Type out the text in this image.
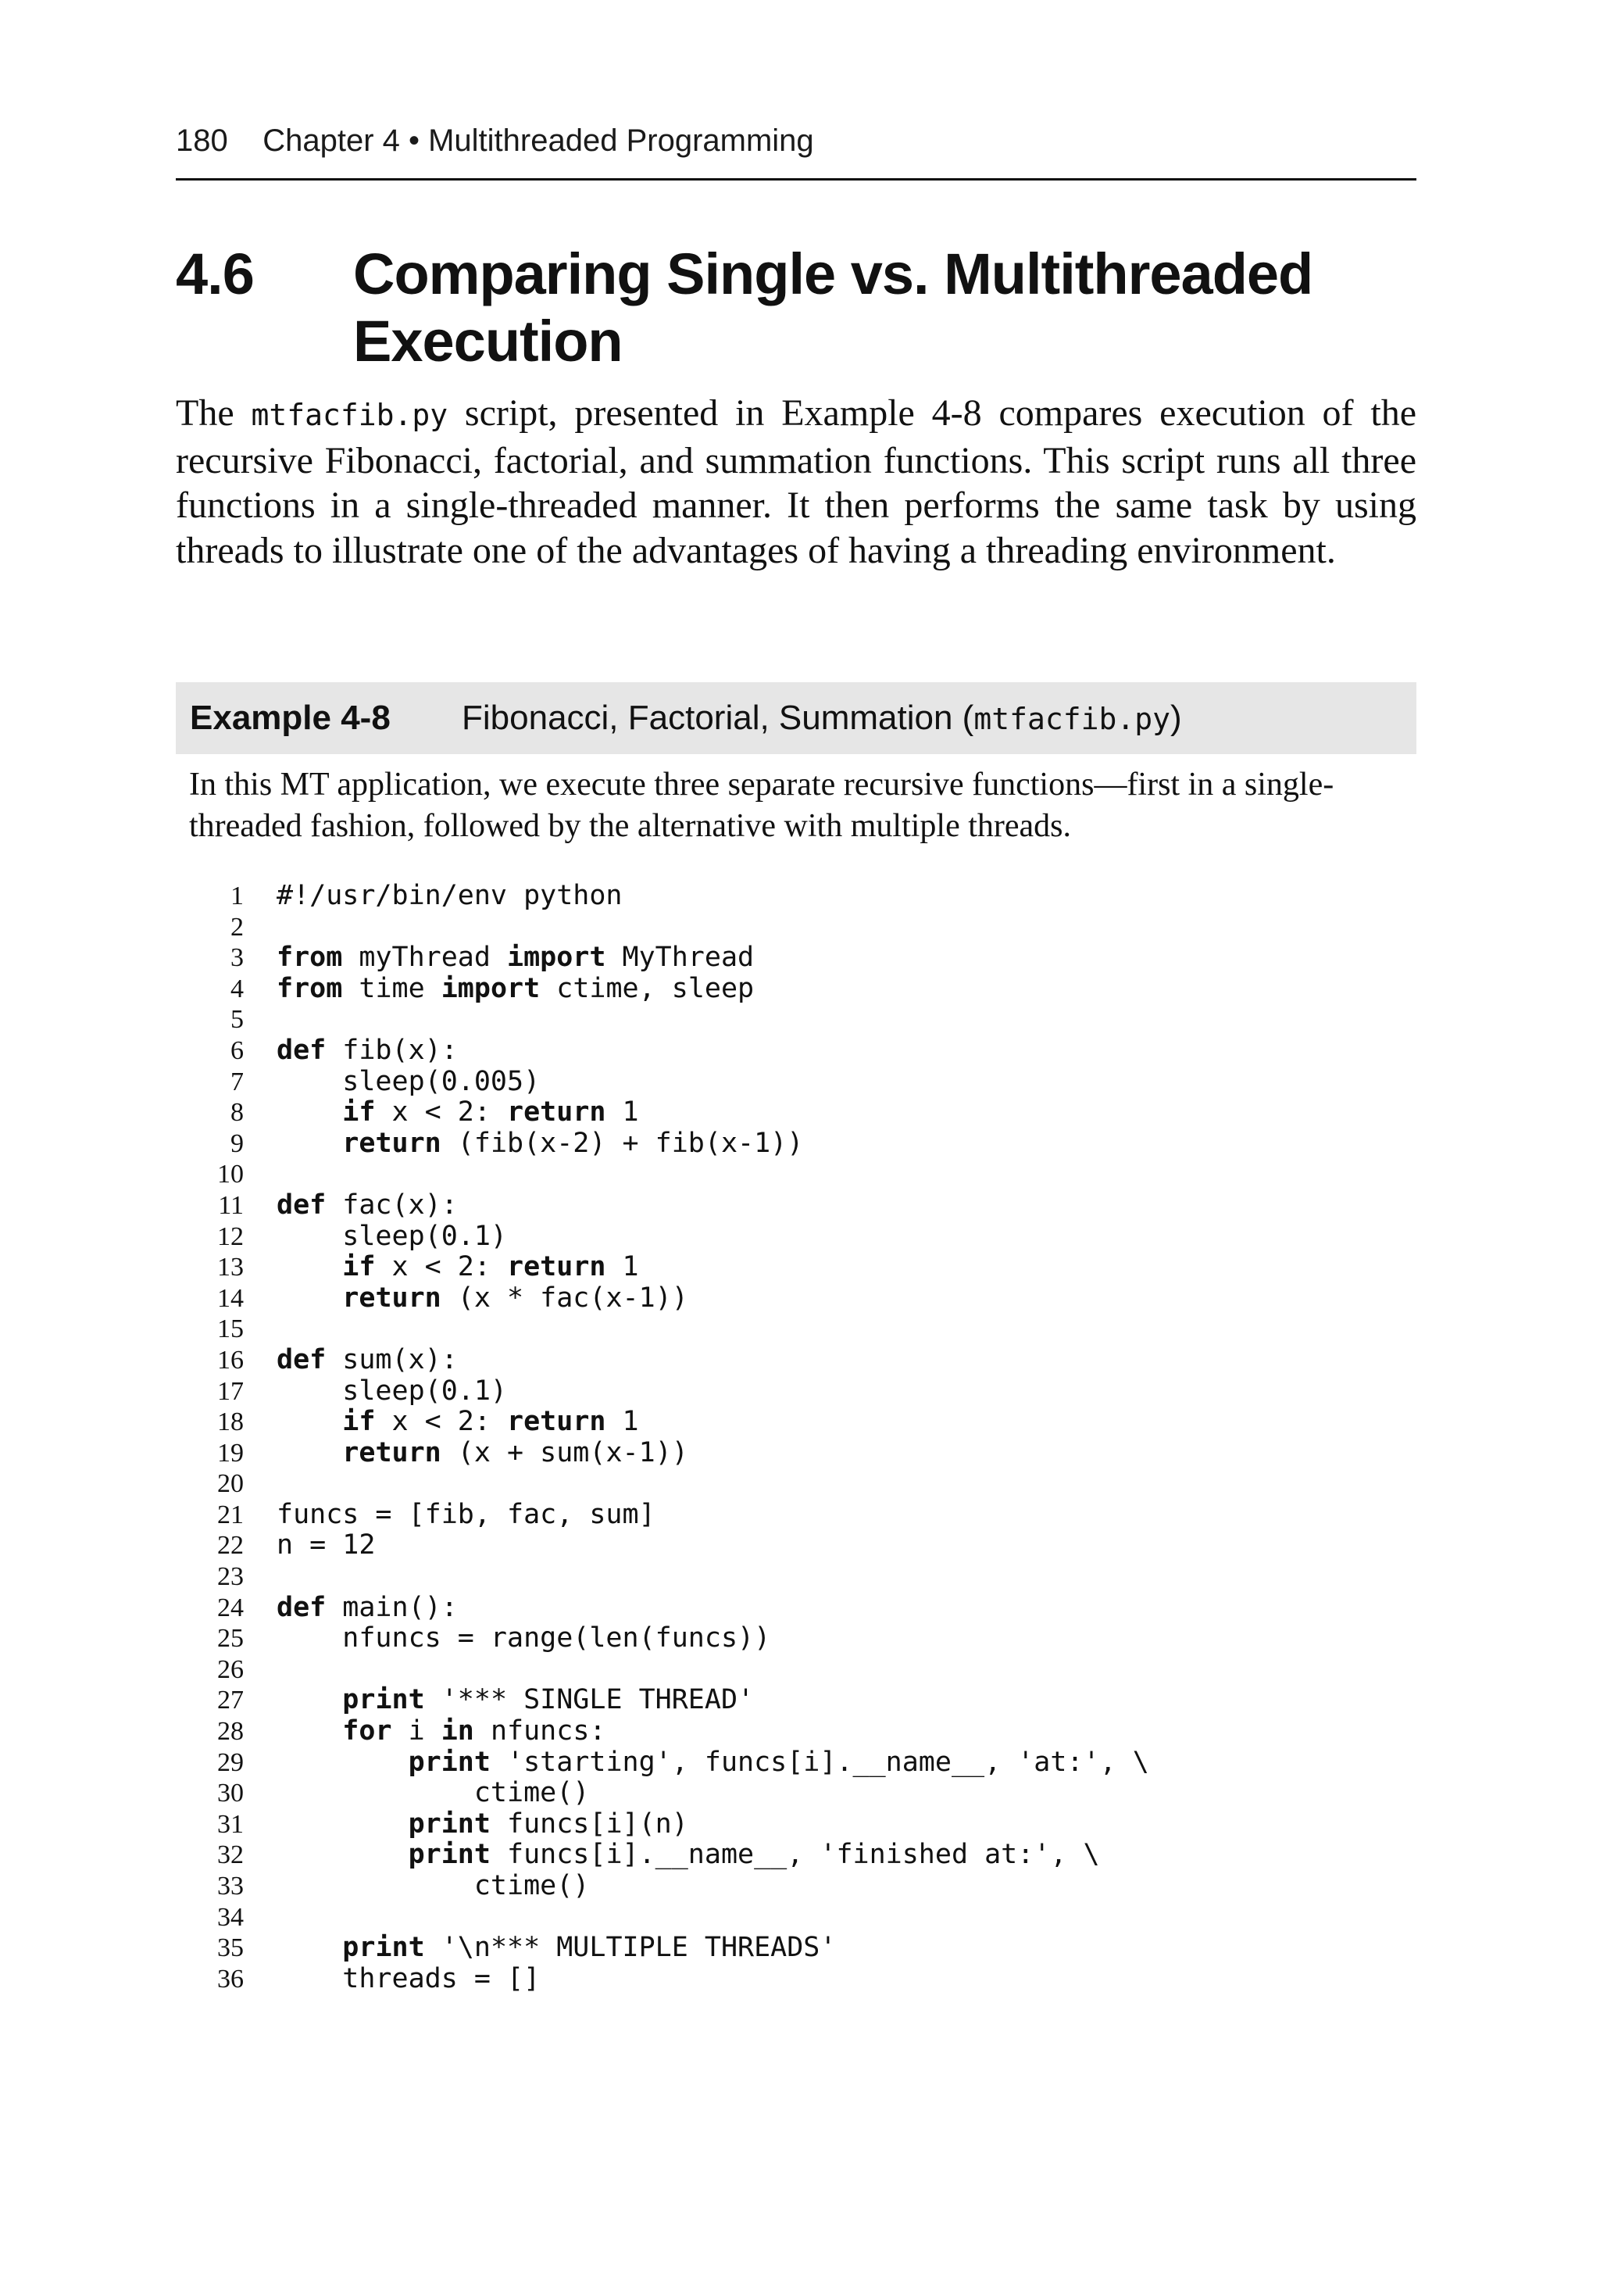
180 Chapter 4 • Multithreaded Programming
4.6 Comparing Single vs. Multithreaded Execution

The mtfacfib.py script, presented in Example 4-8 compares execution of the recursive Fibonacci, factorial, and summation functions. This script runs all three functions in a single-threaded manner. It then performs the same task by using threads to illustrate one of the advantages of having a threading environment.

Example 4-8 Fibonacci, Factorial, Summation (mtfacfib.py)

In this MT application, we execute three separate recursive functions—first in a single-threaded fashion, followed by the alternative with multiple threads.

1 #!/usr/bin/env python
2
3 from myThread import MyThread
4 from time import ctime, sleep
5
6 def fib(x):
7 sleep(0.005)
8	if x < 2: return 1
9	return (fib(x-2) + fib(x-1))
10
11 def fac(x):
12 sleep(0.1)
13	if x < 2: return 1
14	return (x * fac(x-1))
15
16 def sum(x):
17 sleep(0.1)
18	if x < 2: return 1
19	return (x + sum(x-1))
20
21 funcs = [fib, fac, sum]
22 n = 12
23
24 def main():
25 nfuncs = range(len(funcs))
26
27	print '*** SINGLE THREAD'
28	for i in nfuncs:
29	print 'starting', funcs[i].__name__, 'at:', \
30 ctime()
31	print funcs[i](n)
32	print funcs[i].__name__, 'finished at:', \
33 ctime()
34
35	print '\n*** MULTIPLE THREADS'
36 threads = []
